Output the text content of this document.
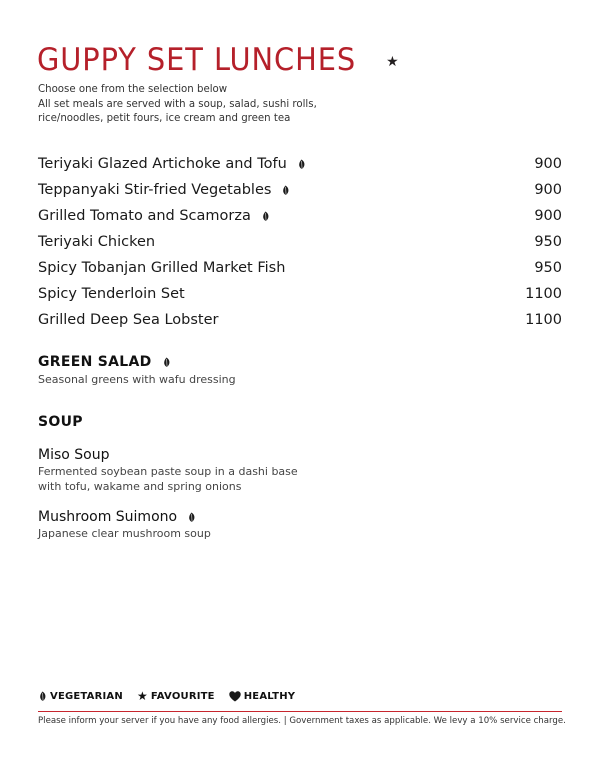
GUPPY SET LUNCHES ★
Choose one from the selection below
All set meals are served with a soup, salad, sushi rolls,
rice/noodles, petit fours, ice cream and green tea
Teriyaki Glazed Artichoke and Tofu	900
Teppanyaki Stir-fried Vegetables	900
Grilled Tomato and Scamorza	900
Teriyaki Chicken	950
Spicy Tobanjan Grilled Market Fish	950
Spicy Tenderloin Set	1100
Grilled Deep Sea Lobster	1100
GREEN SALAD
Seasonal greens with wafu dressing
SOUP
Miso Soup
Fermented soybean paste soup in a dashi base
with tofu, wakame and spring onions
Mushroom Suimono
Japanese clear mushroom soup
VEGETARIAN ★ FAVOURITE	HEALTHY
Please inform your server if you have any food allergies. | Government taxes as applicable. We levy a 10% service charge.
